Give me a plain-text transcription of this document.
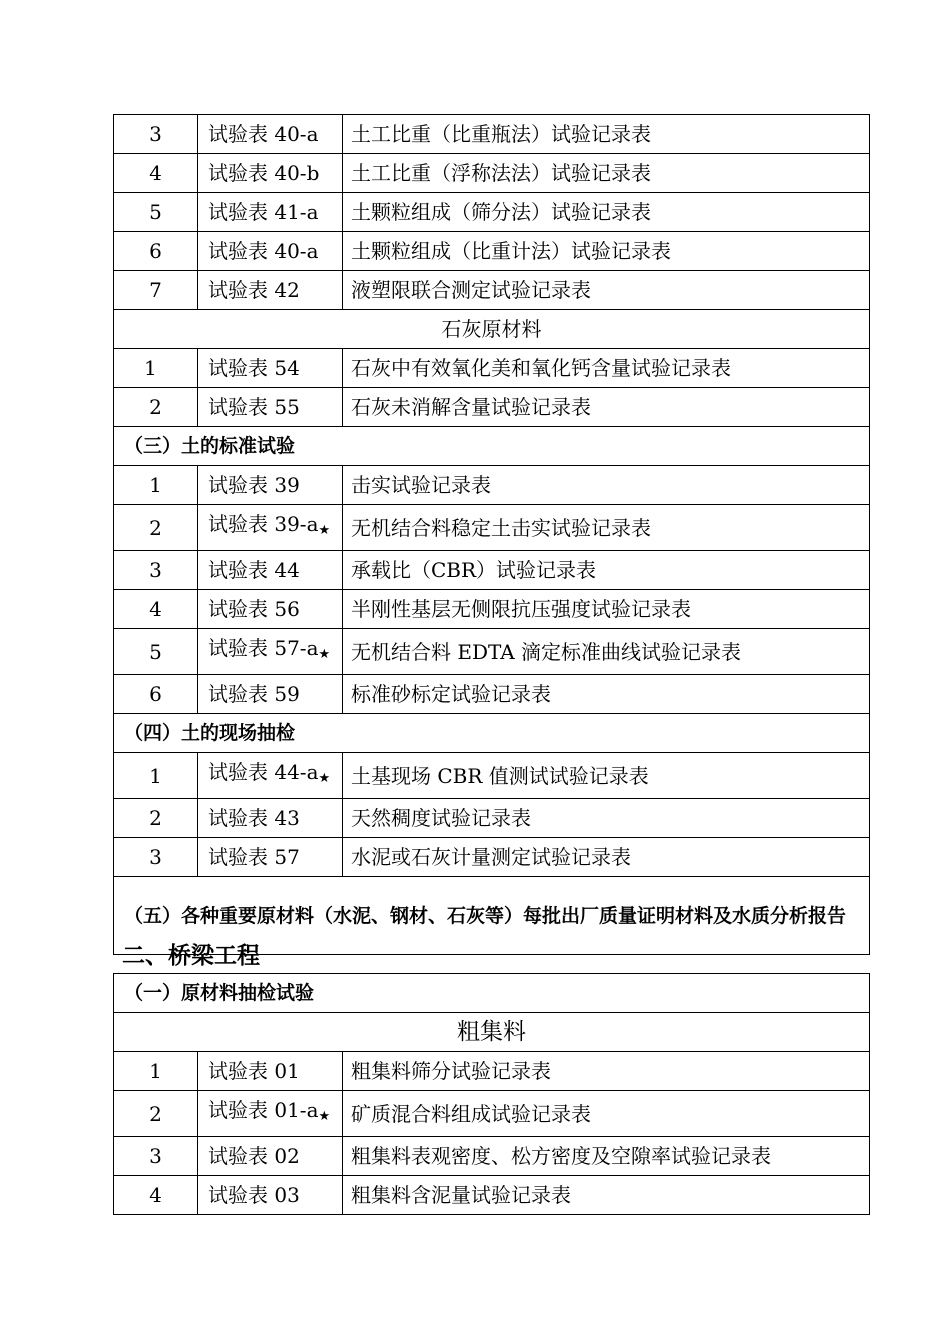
3	试验表 40-a	土工比重（比重瓶法）试验记录表
4	试验表 40-b	土工比重（浮称法法）试验记录表
5	试验表 41-a	土颗粒组成（筛分法）试验记录表
6	试验表 40-a	土颗粒组成（比重计法）试验记录表
7	试验表 42	液塑限联合测定试验记录表
石灰原材料		
1	试验表 54	石灰中有效氧化美和氧化钙含量试验记录表
2	试验表 55	石灰未消解含量试验记录表
（三）土的标准试验		
1	试验表 39	击实试验记录表
2	试验表 39-a★	无机结合料稳定土击实试验记录表
3	试验表 44	承载比（CBR）试验记录表
4	试验表 56	半刚性基层无侧限抗压强度试验记录表
5	试验表 57-a★	无机结合料 EDTA 滴定标准曲线试验记录表
6	试验表 59	标准砂标定试验记录表
（四）土的现场抽检		
1	试验表 44-a★	土基现场 CBR 值测试试验记录表
2	试验表 43	天然稠度试验记录表
3	试验表 57	水泥或石灰计量测定试验记录表
（五）各种重要原材料（水泥、钢材、石灰等）每批出厂质量证明材料及水质分析报告		
二、桥梁工程
（一）原材料抽检试验		
粗集料		
1	试验表 01	粗集料筛分试验记录表
2	试验表 01-a★	矿质混合料组成试验记录表
3	试验表 02	粗集料表观密度、松方密度及空隙率试验记录表
4	试验表 03	粗集料含泥量试验记录表
